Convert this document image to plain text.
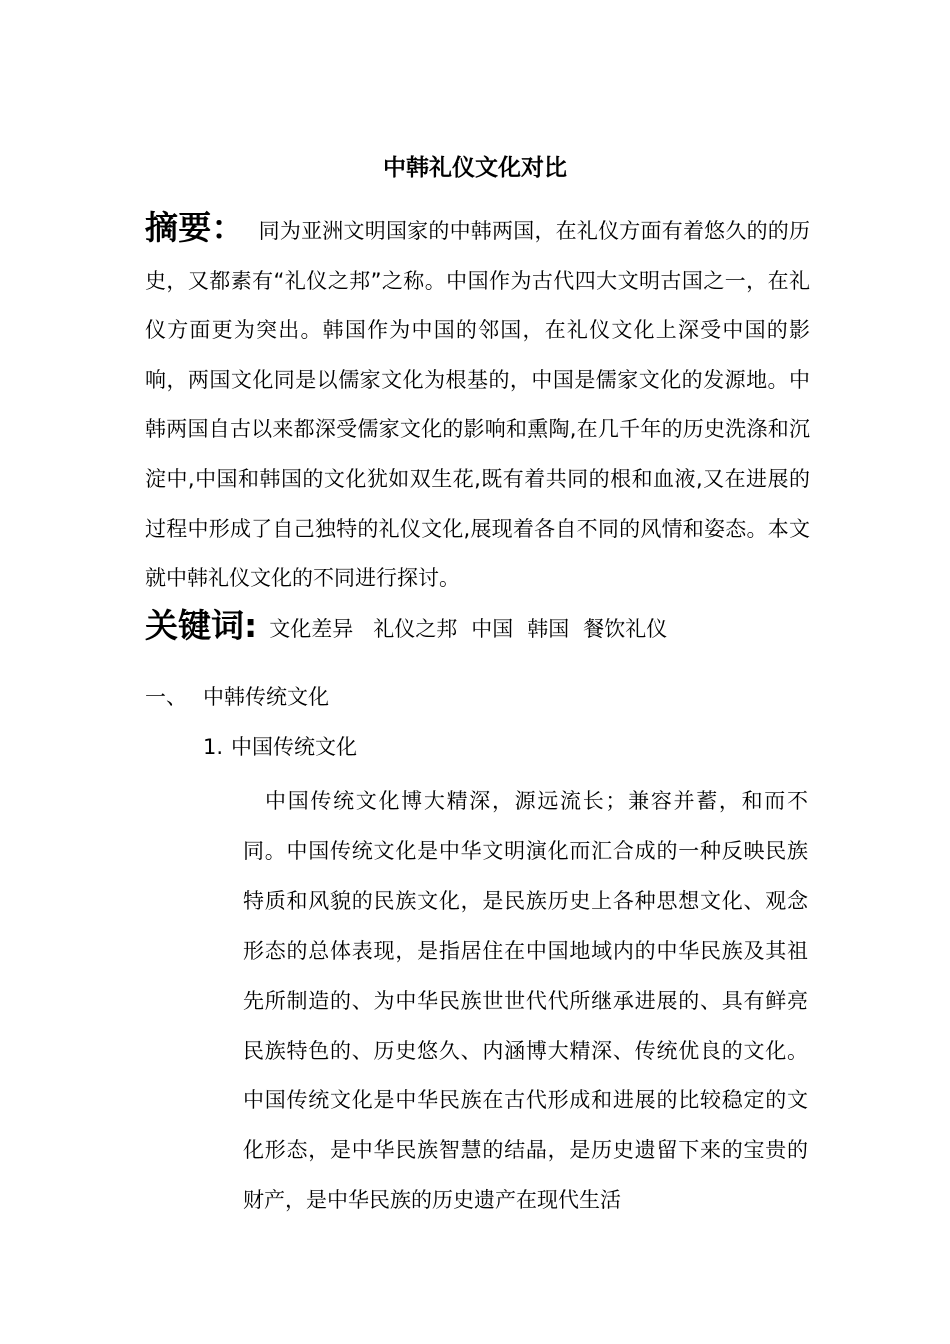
中韩礼仪文化对比
摘要： 同为亚洲文明国家的中韩两国，在礼仪方面有着悠久的的历史，又都素有“礼仪之邦”之称。中国作为古代四大文明古国之一，在礼仪方面更为突出。韩国作为中国的邻国，在礼仪文化上深受中国的影响，两国文化同是以儒家文化为根基的，中国是儒家文化的发源地。中韩两国自古以来都深受儒家文化的影响和熏陶,在几千年的历史洗涤和沉淀中,中国和韩国的文化犹如双生花,既有着共同的根和血液,又在进展的过程中形成了自己独特的礼仪文化,展现着各自不同的风情和姿态。本文就中韩礼仪文化的不同进行探讨。
关键词: 文化差异 礼仪之邦 中国 韩国 餐饮礼仪
一、 中韩传统文化
1. 中国传统文化
中国传统文化博大精深，源远流长；兼容并蓄，和而不同。中国传统文化是中华文明演化而汇合成的一种反映民族特质和风貌的民族文化，是民族历史上各种思想文化、观念形态的总体表现，是指居住在中国地域内的中华民族及其祖先所制造的、为中华民族世世代代所继承进展的、具有鲜亮民族特色的、历史悠久、内涵博大精深、传统优良的文化。中国传统文化是中华民族在古代形成和进展的比较稳定的文化形态，是中华民族智慧的结晶，是历史遗留下来的宝贵的财产，是中华民族的历史遗产在现代生活
